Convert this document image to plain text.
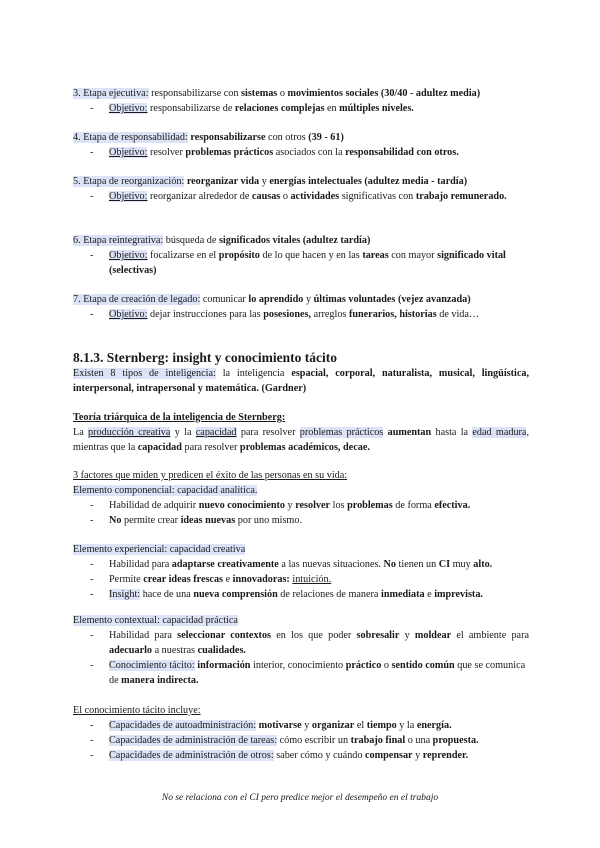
3. Etapa ejecutiva: responsabilizarse con sistemas o movimientos sociales (30/40 - adultez media)
- Objetivo: responsabilizarse de relaciones complejas en múltiples niveles.
4. Etapa de responsabilidad: responsabilizarse con otros (39 - 61)
- Objetivo: resolver problemas prácticos asociados con la responsabilidad con otros.
5. Etapa de reorganización: reorganizar vida y energías intelectuales (adultez media - tardía)
- Objetivo: reorganizar alrededor de causas o actividades significativas con trabajo remunerado.
6. Etapa reintegrativa: búsqueda de significados vitales (adultez tardía)
- Objetivo: focalizarse en el propósito de lo que hacen y en las tareas con mayor significado vital (selectivas)
7. Etapa de creación de legado: comunicar lo aprendido y últimas voluntades (vejez avanzada)
- Objetivo: dejar instrucciones para las posesiones, arreglos funerarios, historias de vida…
8.1.3. Sternberg: insight y conocimiento tácito
Existen 8 tipos de inteligencia: la inteligencia espacial, corporal, naturalista, musical, lingüística, interpersonal, intrapersonal y matemática. (Gardner)
Teoría triárquica de la inteligencia de Sternberg:
La producción creativa y la capacidad para resolver problemas prácticos aumentan hasta la edad madura, mientras que la capacidad para resolver problemas académicos, decae.
3 factores que miden y predicen el éxito de las personas en su vida:
Elemento componencial: capacidad analítica.
- Habilidad de adquirir nuevo conocimiento y resolver los problemas de forma efectiva.
- No permite crear ideas nuevas por uno mismo.
Elemento experiencial: capacidad creativa
- Habilidad para adaptarse creativamente a las nuevas situaciones. No tienen un CI muy alto.
- Permite crear ideas frescas e innovadoras: intuición.
- Insight: hace de una nueva comprensión de relaciones de manera inmediata e imprevista.
Elemento contextual: capacidad práctica
- Habilidad para seleccionar contextos en los que poder sobresalir y moldear el ambiente para adecuarlo a nuestras cualidades.
- Conocimiento tácito: información interior, conocimiento práctico o sentido común que se comunica de manera indirecta.
El conocimiento tácito incluye:
- Capacidades de autoadministración: motivarse y organizar el tiempo y la energía.
- Capacidades de administración de tareas: cómo escribir un trabajo final o una propuesta.
- Capacidades de administración de otros: saber cómo y cuándo compensar y reprender.
No se relaciona con el CI pero predice mejor el desempeño en el trabajo
